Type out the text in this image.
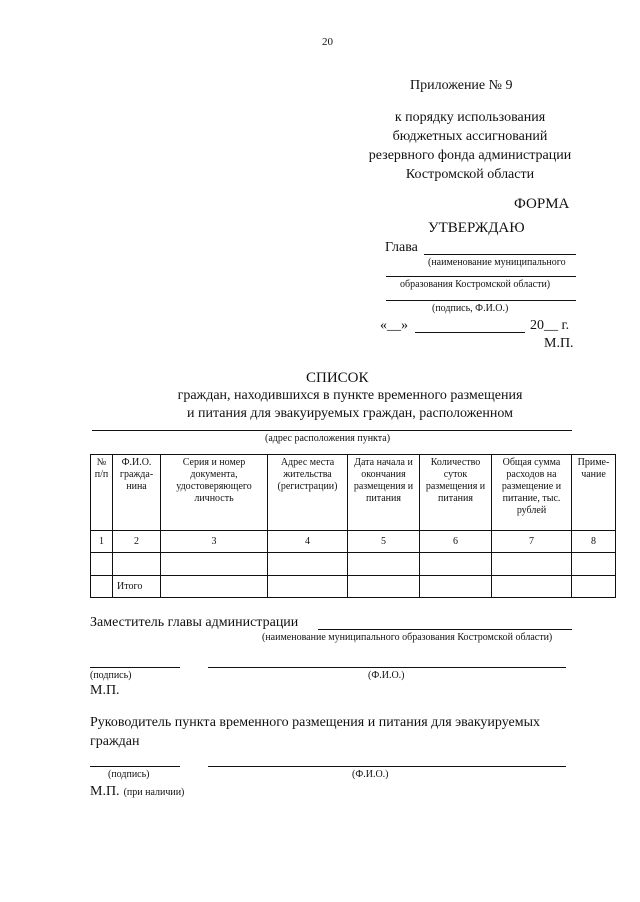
20
Приложение № 9
к порядку использования
бюджетных ассигнований
резервного фонда администрации
Костромской области
ФОРМА
УТВЕРЖДАЮ
Глава
(наименование муниципального
образования Костромской области)
(подпись, Ф.И.О.)
«__»	20__ г.
М.П.
СПИСОК
граждан, находившихся в пункте временного размещения
и питания для эвакуируемых граждан, расположенном
(адрес расположения пункта)
№ п/п	Ф.И.О. гражда-нина	Серия и номер документа, удостоверяющего личность	Адрес места жительства (регистрации)	Дата начала и окончания размещения и питания	Количество суток размещения и питания	Общая сумма расходов на размещение и питание, тыс. рублей	Приме-чание
1	2	3	4	5	6	7	8

	Итого						
Заместитель главы администрации
(наименование муниципального образования Костромской области)
(подпись)	(Ф.И.О.)
М.П.
Руководитель пункта временного размещения и питания для эвакуируемых
граждан
(подпись)	(Ф.И.О.)
М.П. (при наличии)
